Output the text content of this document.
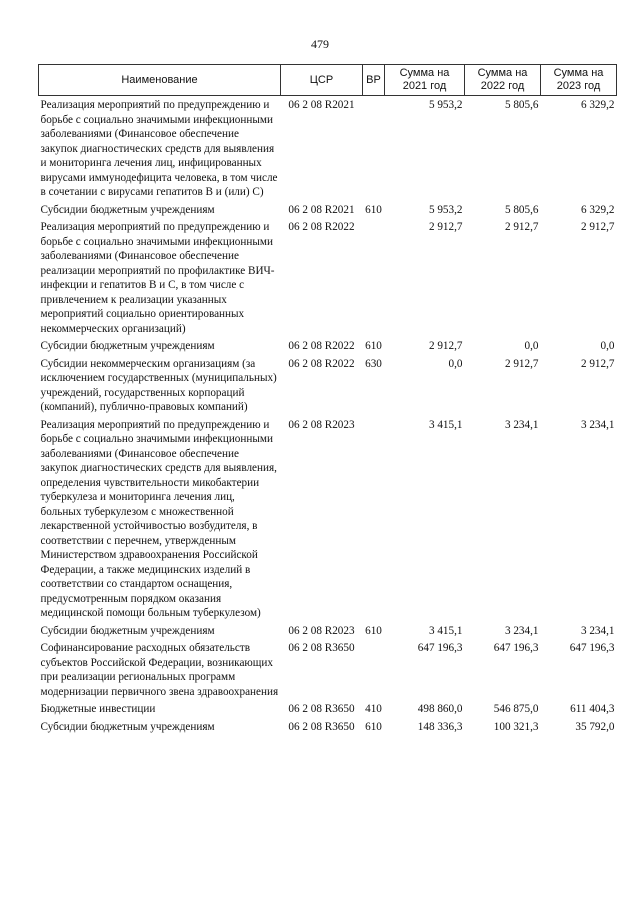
479
Наименование	ЦСР	ВР	Сумма на 2021 год	Сумма на 2022 год	Сумма на 2023 год
Реализация мероприятий по предупреждению и борьбе с социально значимыми инфекционными заболеваниями (Финансовое обеспечение закупок диагностических средств для выявления и мониторинга лечения лиц, инфицированных вирусами иммунодефицита человека, в том числе в сочетании с вирусами гепатитов В и (или) С)	06 2 08 R2021		5 953,2	5 805,6	6 329,2
Субсидии бюджетным учреждениям	06 2 08 R2021	610	5 953,2	5 805,6	6 329,2
Реализация мероприятий по предупреждению и борьбе с социально значимыми инфекционными заболеваниями (Финансовое обеспечение реализации мероприятий по профилактике ВИЧ-инфекции и гепатитов В и С, в том числе с привлечением к реализации указанных мероприятий социально ориентированных некоммерческих организаций)	06 2 08 R2022		2 912,7	2 912,7	2 912,7
Субсидии бюджетным учреждениям	06 2 08 R2022	610	2 912,7	0,0	0,0
Субсидии некоммерческим организациям (за исключением государственных (муниципальных) учреждений, государственных корпораций (компаний), публично-правовых компаний)	06 2 08 R2022	630	0,0	2 912,7	2 912,7
Реализация мероприятий по предупреждению и борьбе с социально значимыми инфекционными заболеваниями (Финансовое обеспечение закупок диагностических средств для выявления, определения чувствительности микобактерии туберкулеза и мониторинга лечения лиц, больных туберкулезом с множественной лекарственной устойчивостью возбудителя, в соответствии с перечнем, утвержденным Министерством здравоохранения Российской Федерации, а также медицинских изделий в соответствии со стандартом оснащения, предусмотренным порядком оказания медицинской помощи больным туберкулезом)	06 2 08 R2023		3 415,1	3 234,1	3 234,1
Субсидии бюджетным учреждениям	06 2 08 R2023	610	3 415,1	3 234,1	3 234,1
Софинансирование расходных обязательств субъектов Российской Федерации, возникающих при реализации региональных программ модернизации первичного звена здравоохранения	06 2 08 R3650		647 196,3	647 196,3	647 196,3
Бюджетные инвестиции	06 2 08 R3650	410	498 860,0	546 875,0	611 404,3
Субсидии бюджетным учреждениям	06 2 08 R3650	610	148 336,3	100 321,3	35 792,0
